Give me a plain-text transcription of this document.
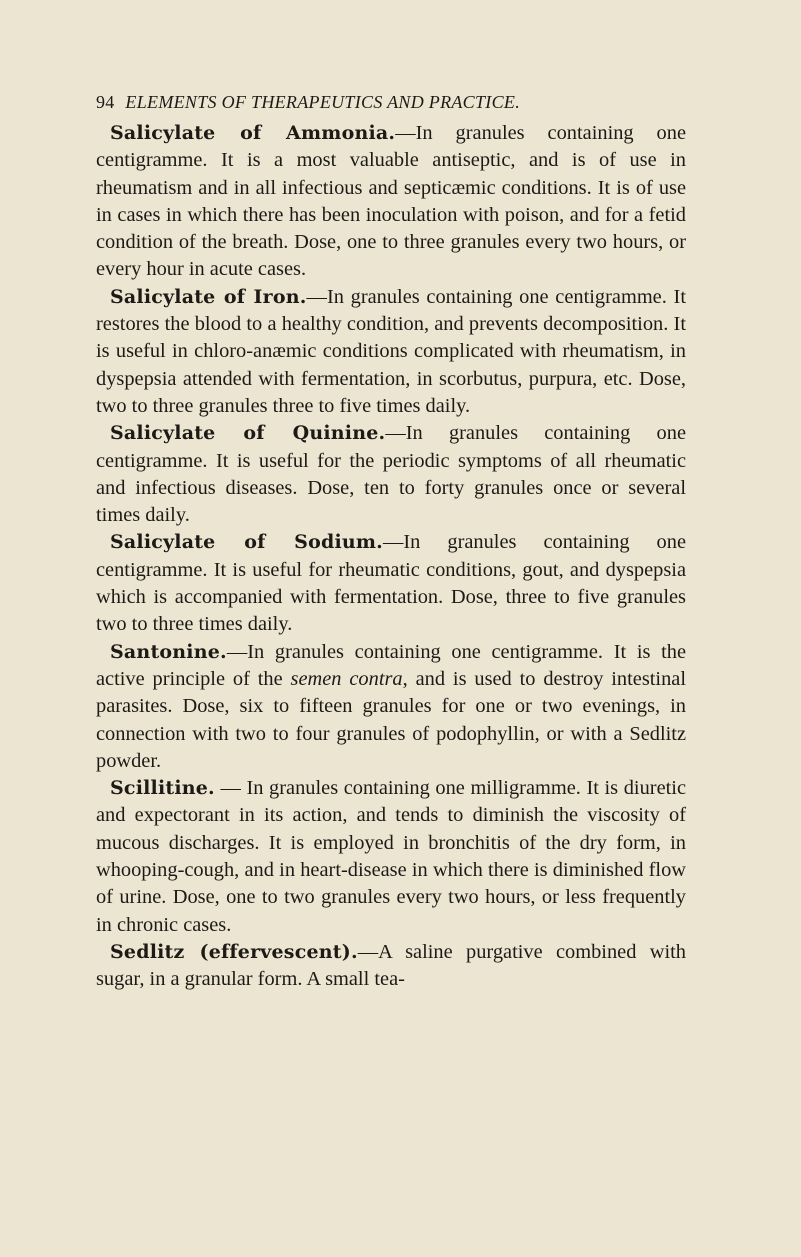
94 ELEMENTS OF THERAPEUTICS AND PRACTICE.

Salicylate of Ammonia.—In granules containing one centigramme. It is a most valuable antiseptic, and is of use in rheumatism and in all infectious and septicæmic conditions. It is of use in cases in which there has been inoculation with poison, and for a fetid condition of the breath. Dose, one to three granules every two hours, or every hour in acute cases.

Salicylate of Iron.—In granules containing one centigramme. It restores the blood to a healthy condition, and prevents decomposition. It is useful in chloro-anæmic conditions complicated with rheumatism, in dyspepsia attended with fermentation, in scorbutus, purpura, etc. Dose, two to three granules three to five times daily.

Salicylate of Quinine.—In granules containing one centigramme. It is useful for the periodic symptoms of all rheumatic and infectious diseases. Dose, ten to forty granules once or several times daily.

Salicylate of Sodium.—In granules containing one centigramme. It is useful for rheumatic conditions, gout, and dyspepsia which is accompanied with fermentation. Dose, three to five granules two to three times daily.

Santonine.—In granules containing one centigramme. It is the active principle of the semen contra, and is used to destroy intestinal parasites. Dose, six to fifteen granules for one or two evenings, in connection with two to four granules of podophyllin, or with a Sedlitz powder.

Scillitine. — In granules containing one milligramme. It is diuretic and expectorant in its action, and tends to diminish the viscosity of mucous discharges. It is employed in bronchitis of the dry form, in whooping-cough, and in heart-disease in which there is diminished flow of urine. Dose, one to two granules every two hours, or less frequently in chronic cases.

Sedlitz (effervescent).—A saline purgative combined with sugar, in a granular form. A small tea-
